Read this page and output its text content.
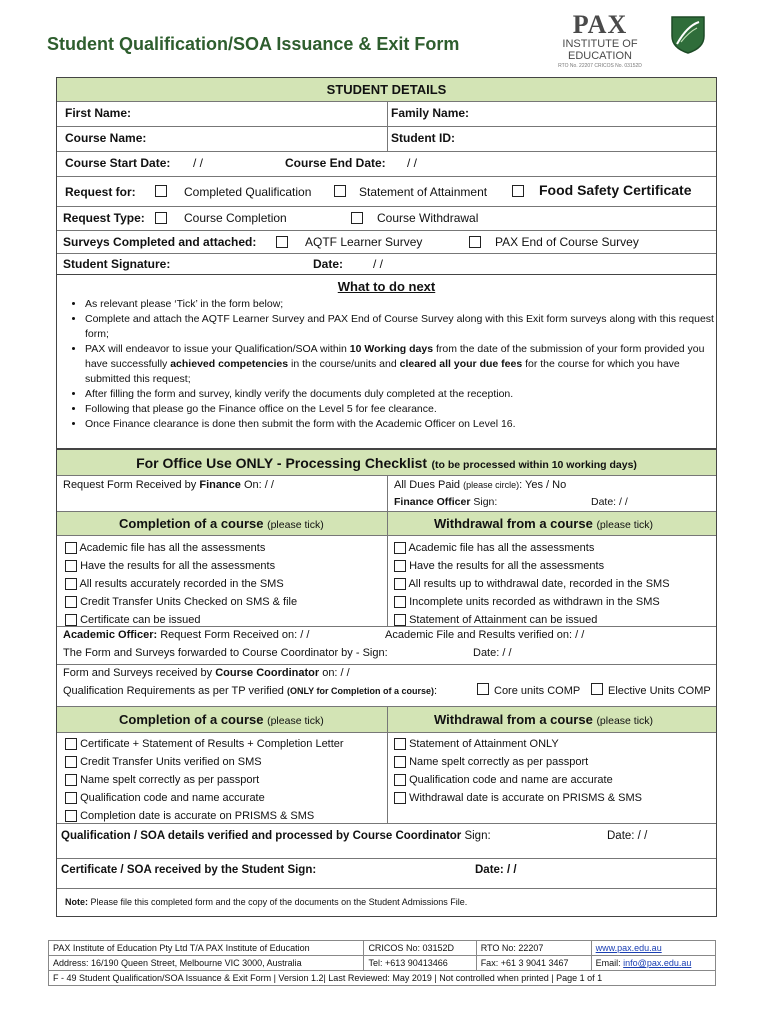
Student Qualification/SOA Issuance & Exit Form
PAX
INSTITUTE OF EDUCATION
RTO No. 22207 CRICOS No. 03152D
STUDENT DETAILS
First Name:	Family Name:
Course Name:	Student ID:
Course Start Date: / /	Course End Date: / /
Request for:	Completed Qualification	Statement of Attainment	Food Safety Certificate
Request Type:	Course Completion	Course Withdrawal
Surveys Completed and attached:	AQTF Learner Survey	PAX End of Course Survey
Student Signature:	Date: / /
What to do next
• As relevant please ‘Tick’ in the form below;
• Complete and attach the AQTF Learner Survey and PAX End of Course Survey along with this Exit form surveys along with this request form;
• PAX will endeavor to issue your Qualification/SOA within 10 Working days from the date of the submission of your form provided you have successfully achieved competencies in the course/units and cleared all your due fees for the course for which you have submitted this request;
• After filling the form and survey, kindly verify the documents duly completed at the reception.
• Following that please go the Finance office on the Level 5 for fee clearance.
• Once Finance clearance is done then submit the form with the Academic Officer on Level 16.
For Office Use ONLY - Processing Checklist (to be processed within 10 working days)
Request Form Received by Finance On: / /	All Dues Paid (please circle): Yes / No
Finance Officer Sign:	Date: / /
Completion of a course (please tick)	Withdrawal from a course (please tick)
Academic file has all the assessments
Have the results for all the assessments
All results accurately recorded in the SMS
Credit Transfer Units Checked on SMS & file
Certificate can be issued
Academic file has all the assessments
Have the results for all the assessments
All results up to withdrawal date, recorded in the SMS
Incomplete units recorded as withdrawn in the SMS
Statement of Attainment can be issued
Academic Officer: Request Form Received on: / /	Academic File and Results verified on: / /
The Form and Surveys forwarded to Course Coordinator by - Sign:	Date: / /
Form and Surveys received by Course Coordinator on: / /
Qualification Requirements as per TP verified (ONLY for Completion of a course):	Core units COMP	Elective Units COMP
Completion of a course (please tick)	Withdrawal from a course (please tick)
Certificate + Statement of Results + Completion Letter
Credit Transfer Units verified on SMS
Name spelt correctly as per passport
Qualification code and name accurate
Completion date is accurate on PRISMS & SMS
Statement of Attainment ONLY
Name spelt correctly as per passport
Qualification code and name are accurate
Withdrawal date is accurate on PRISMS & SMS
Qualification / SOA details verified and processed by Course Coordinator Sign:	Date: / /
Certificate / SOA received by the Student Sign:	Date: / /
Note: Please file this completed form and the copy of the documents on the Student Admissions File.
PAX Institute of Education Pty Ltd T/A PAX Institute of Education	CRICOS No: 03152D	RTO No: 22207	www.pax.edu.au
Address: 16/190 Queen Street, Melbourne VIC 3000, Australia	Tel: +613 90413466	Fax: +61 3 9041 3467	Email: info@pax.edu.au
F - 49 Student Qualification/SOA Issuance & Exit Form | Version 1.2| Last Reviewed: May 2019 | Not controlled when printed | Page 1 of 1			
